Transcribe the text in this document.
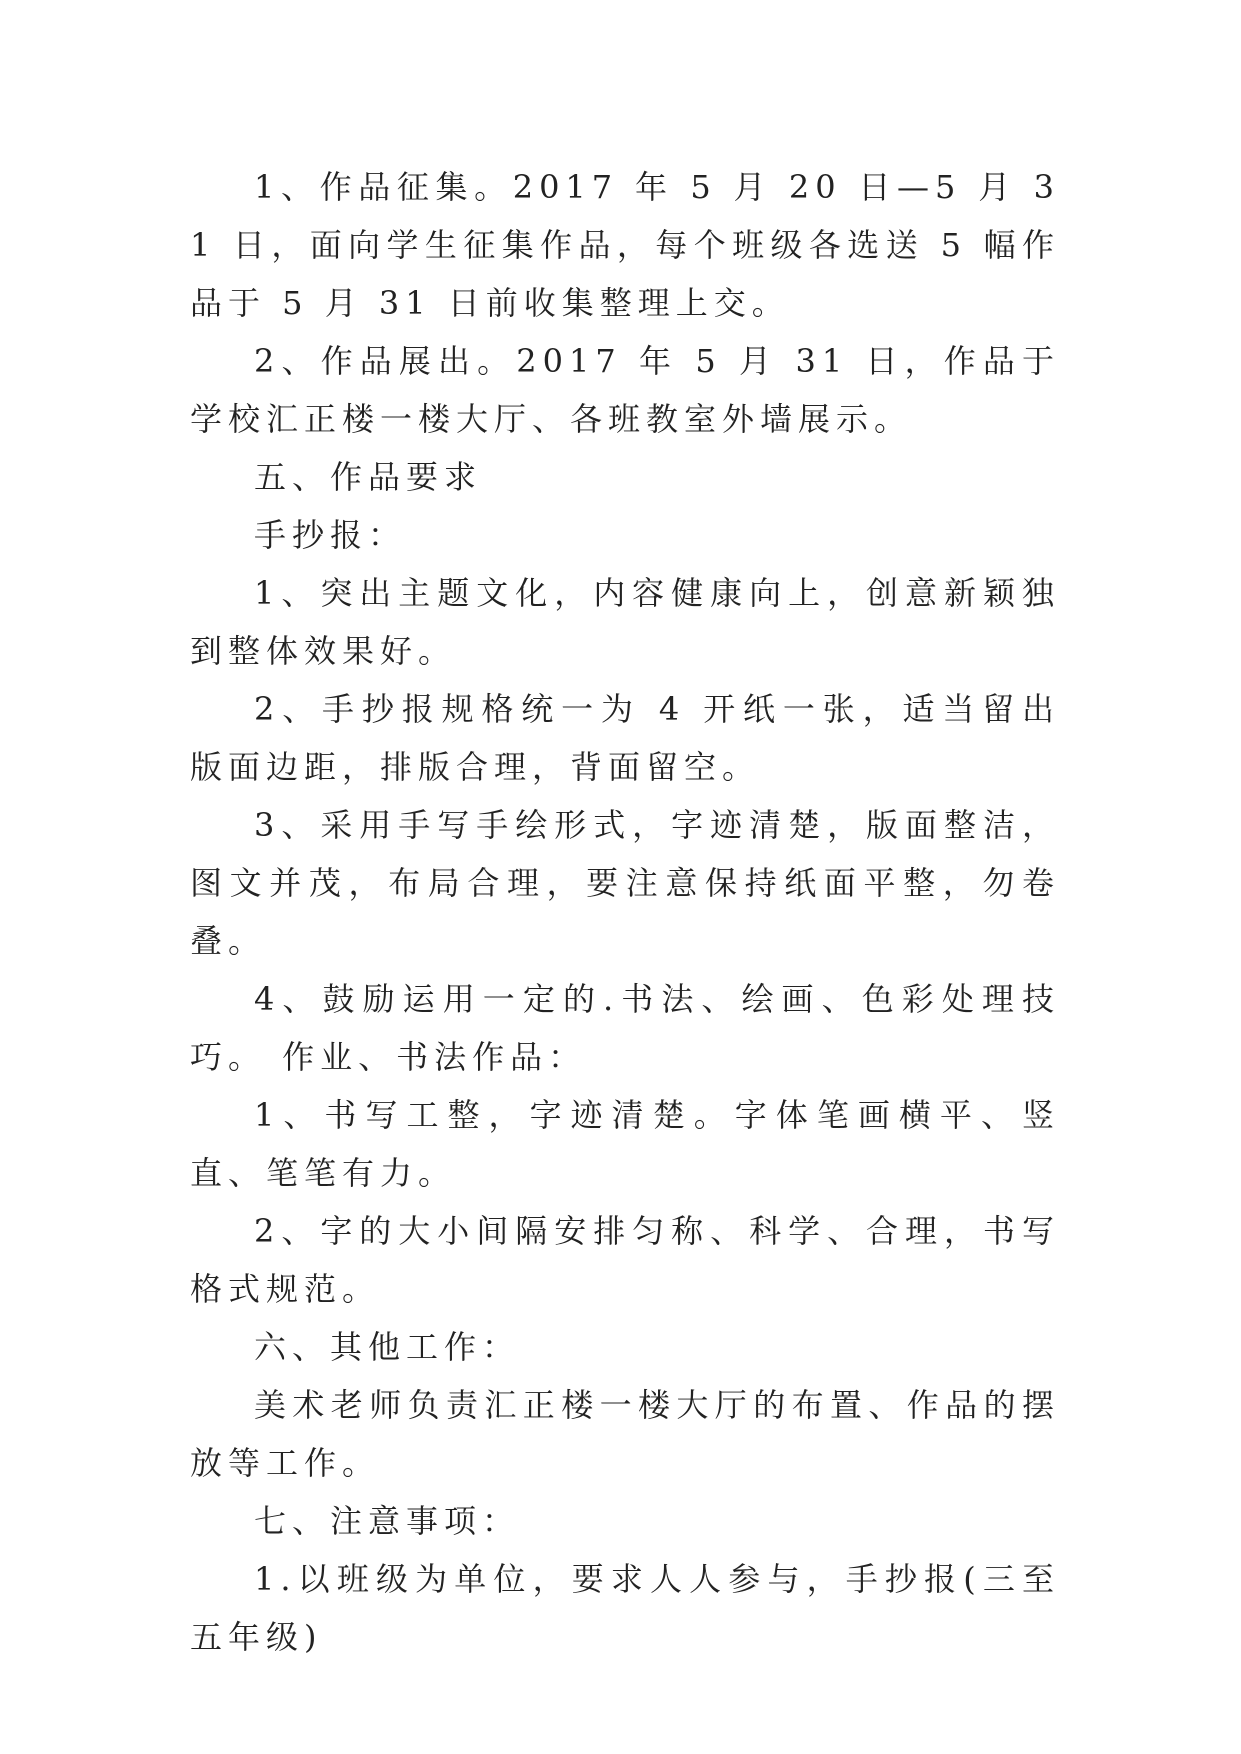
1、作品征集。2017 年 5 月 20 日—5 月 31 日，面向学生征集作品，每个班级各选送 5 幅作品于 5 月 31 日前收集整理上交。

2、作品展出。2017 年 5 月 31 日，作品于学校汇正楼一楼大厅、各班教室外墙展示。

五、作品要求

手抄报：

1、突出主题文化，内容健康向上，创意新颖独到整体效果好。

2、手抄报规格统一为 4 开纸一张，适当留出版面边距，排版合理，背面留空。

3、采用手写手绘形式，字迹清楚，版面整洁，图文并茂，布局合理，要注意保持纸面平整，勿卷叠。

4、鼓励运用一定的.书法、绘画、色彩处理技巧。 作业、书法作品：

1、书写工整，字迹清楚。字体笔画横平、竖直、笔笔有力。

2、字的大小间隔安排匀称、科学、合理，书写格式规范。

六、其他工作：

美术老师负责汇正楼一楼大厅的布置、作品的摆放等工作。

七、注意事项：

1.以班级为单位，要求人人参与，手抄报(三至五年级)
